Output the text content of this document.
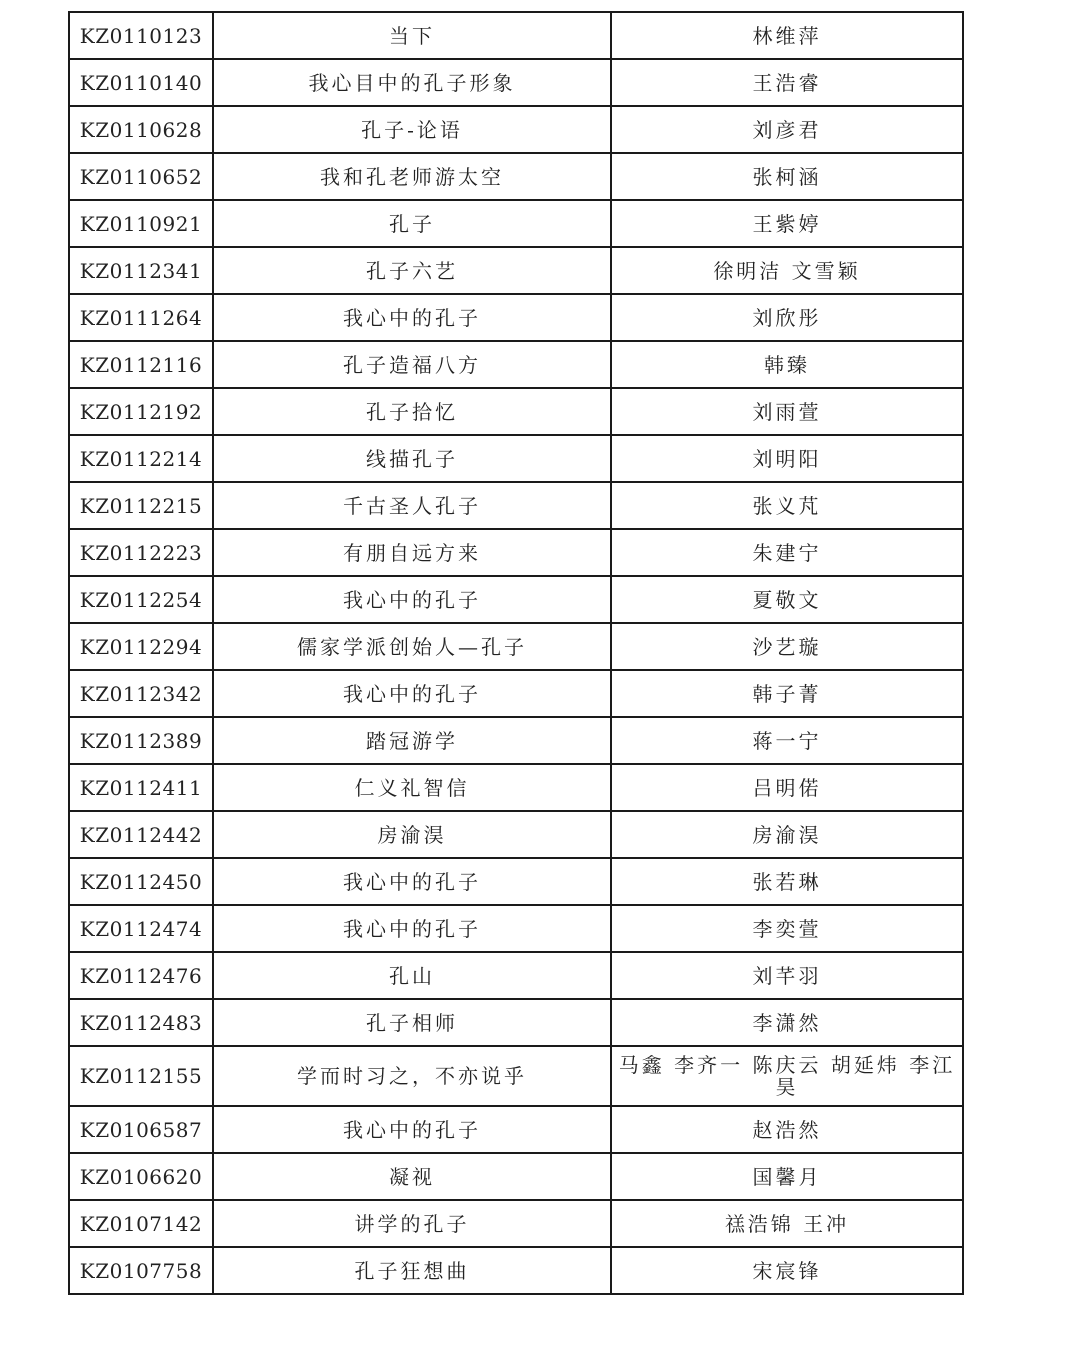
KZ0110123	当下	林维萍
KZ0110140	我心目中的孔子形象	王浩睿
KZ0110628	孔子-论语	刘彦君
KZ0110652	我和孔老师游太空	张柯涵
KZ0110921	孔子	王紫婷
KZ0112341	孔子六艺	徐明洁 文雪颖
KZ0111264	我心中的孔子	刘欣彤
KZ0112116	孔子造福八方	韩臻
KZ0112192	孔子拾忆	刘雨萱
KZ0112214	线描孔子	刘明阳
KZ0112215	千古圣人孔子	张义芃
KZ0112223	有朋自远方来	朱建宁
KZ0112254	我心中的孔子	夏敬文
KZ0112294	儒家学派创始人—孔子	沙艺璇
KZ0112342	我心中的孔子	韩子菁
KZ0112389	踏冠游学	蒋一宁
KZ0112411	仁义礼智信	吕明偌
KZ0112442	房渝淏	房渝淏
KZ0112450	我心中的孔子	张若琳
KZ0112474	我心中的孔子	李奕萱
KZ0112476	孔山	刘芊羽
KZ0112483	孔子相师	李潇然
KZ0112155	学而时习之，不亦说乎	马鑫 李齐一 陈庆云 胡延炜 李江昊
KZ0106587	我心中的孔子	赵浩然
KZ0106620	凝视	国馨月
KZ0107142	讲学的孔子	禚浩锦 王冲
KZ0107758	孔子狂想曲	宋宸锋
